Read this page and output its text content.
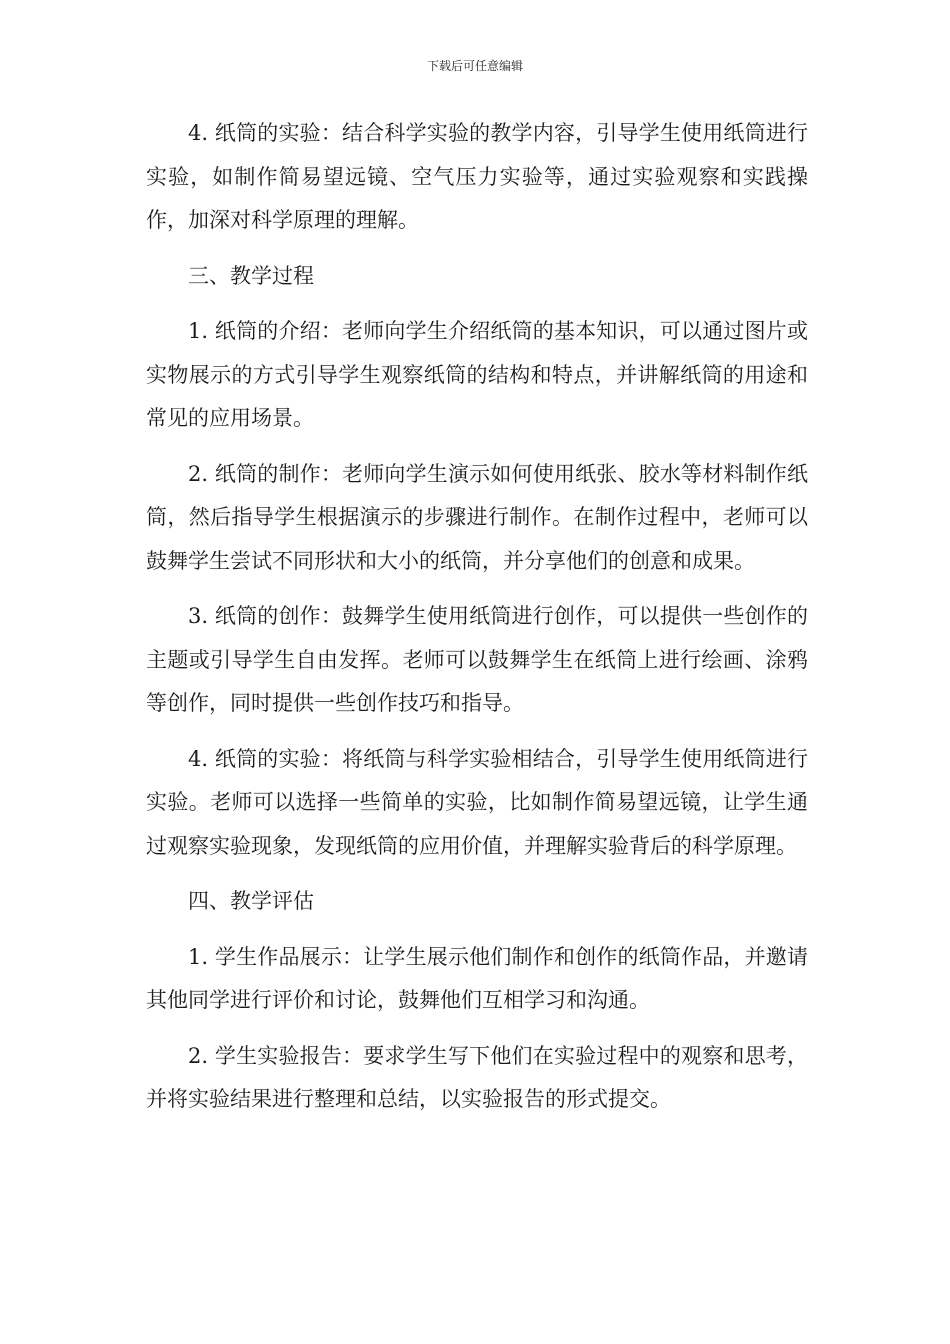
下载后可任意编辑

4. 纸筒的实验：结合科学实验的教学内容，引导学生使用纸筒进行实验，如制作简易望远镜、空气压力实验等，通过实验观察和实践操作，加深对科学原理的理解。

三、教学过程

1. 纸筒的介绍：老师向学生介绍纸筒的基本知识，可以通过图片或实物展示的方式引导学生观察纸筒的结构和特点，并讲解纸筒的用途和常见的应用场景。

2. 纸筒的制作：老师向学生演示如何使用纸张、胶水等材料制作纸筒，然后指导学生根据演示的步骤进行制作。在制作过程中，老师可以鼓舞学生尝试不同形状和大小的纸筒，并分享他们的创意和成果。

3. 纸筒的创作：鼓舞学生使用纸筒进行创作，可以提供一些创作的主题或引导学生自由发挥。老师可以鼓舞学生在纸筒上进行绘画、涂鸦等创作，同时提供一些创作技巧和指导。

4. 纸筒的实验：将纸筒与科学实验相结合，引导学生使用纸筒进行实验。老师可以选择一些简单的实验，比如制作简易望远镜，让学生通过观察实验现象，发现纸筒的应用价值，并理解实验背后的科学原理。

四、教学评估

1. 学生作品展示：让学生展示他们制作和创作的纸筒作品，并邀请其他同学进行评价和讨论，鼓舞他们互相学习和沟通。

2. 学生实验报告：要求学生写下他们在实验过程中的观察和思考，并将实验结果进行整理和总结，以实验报告的形式提交。
